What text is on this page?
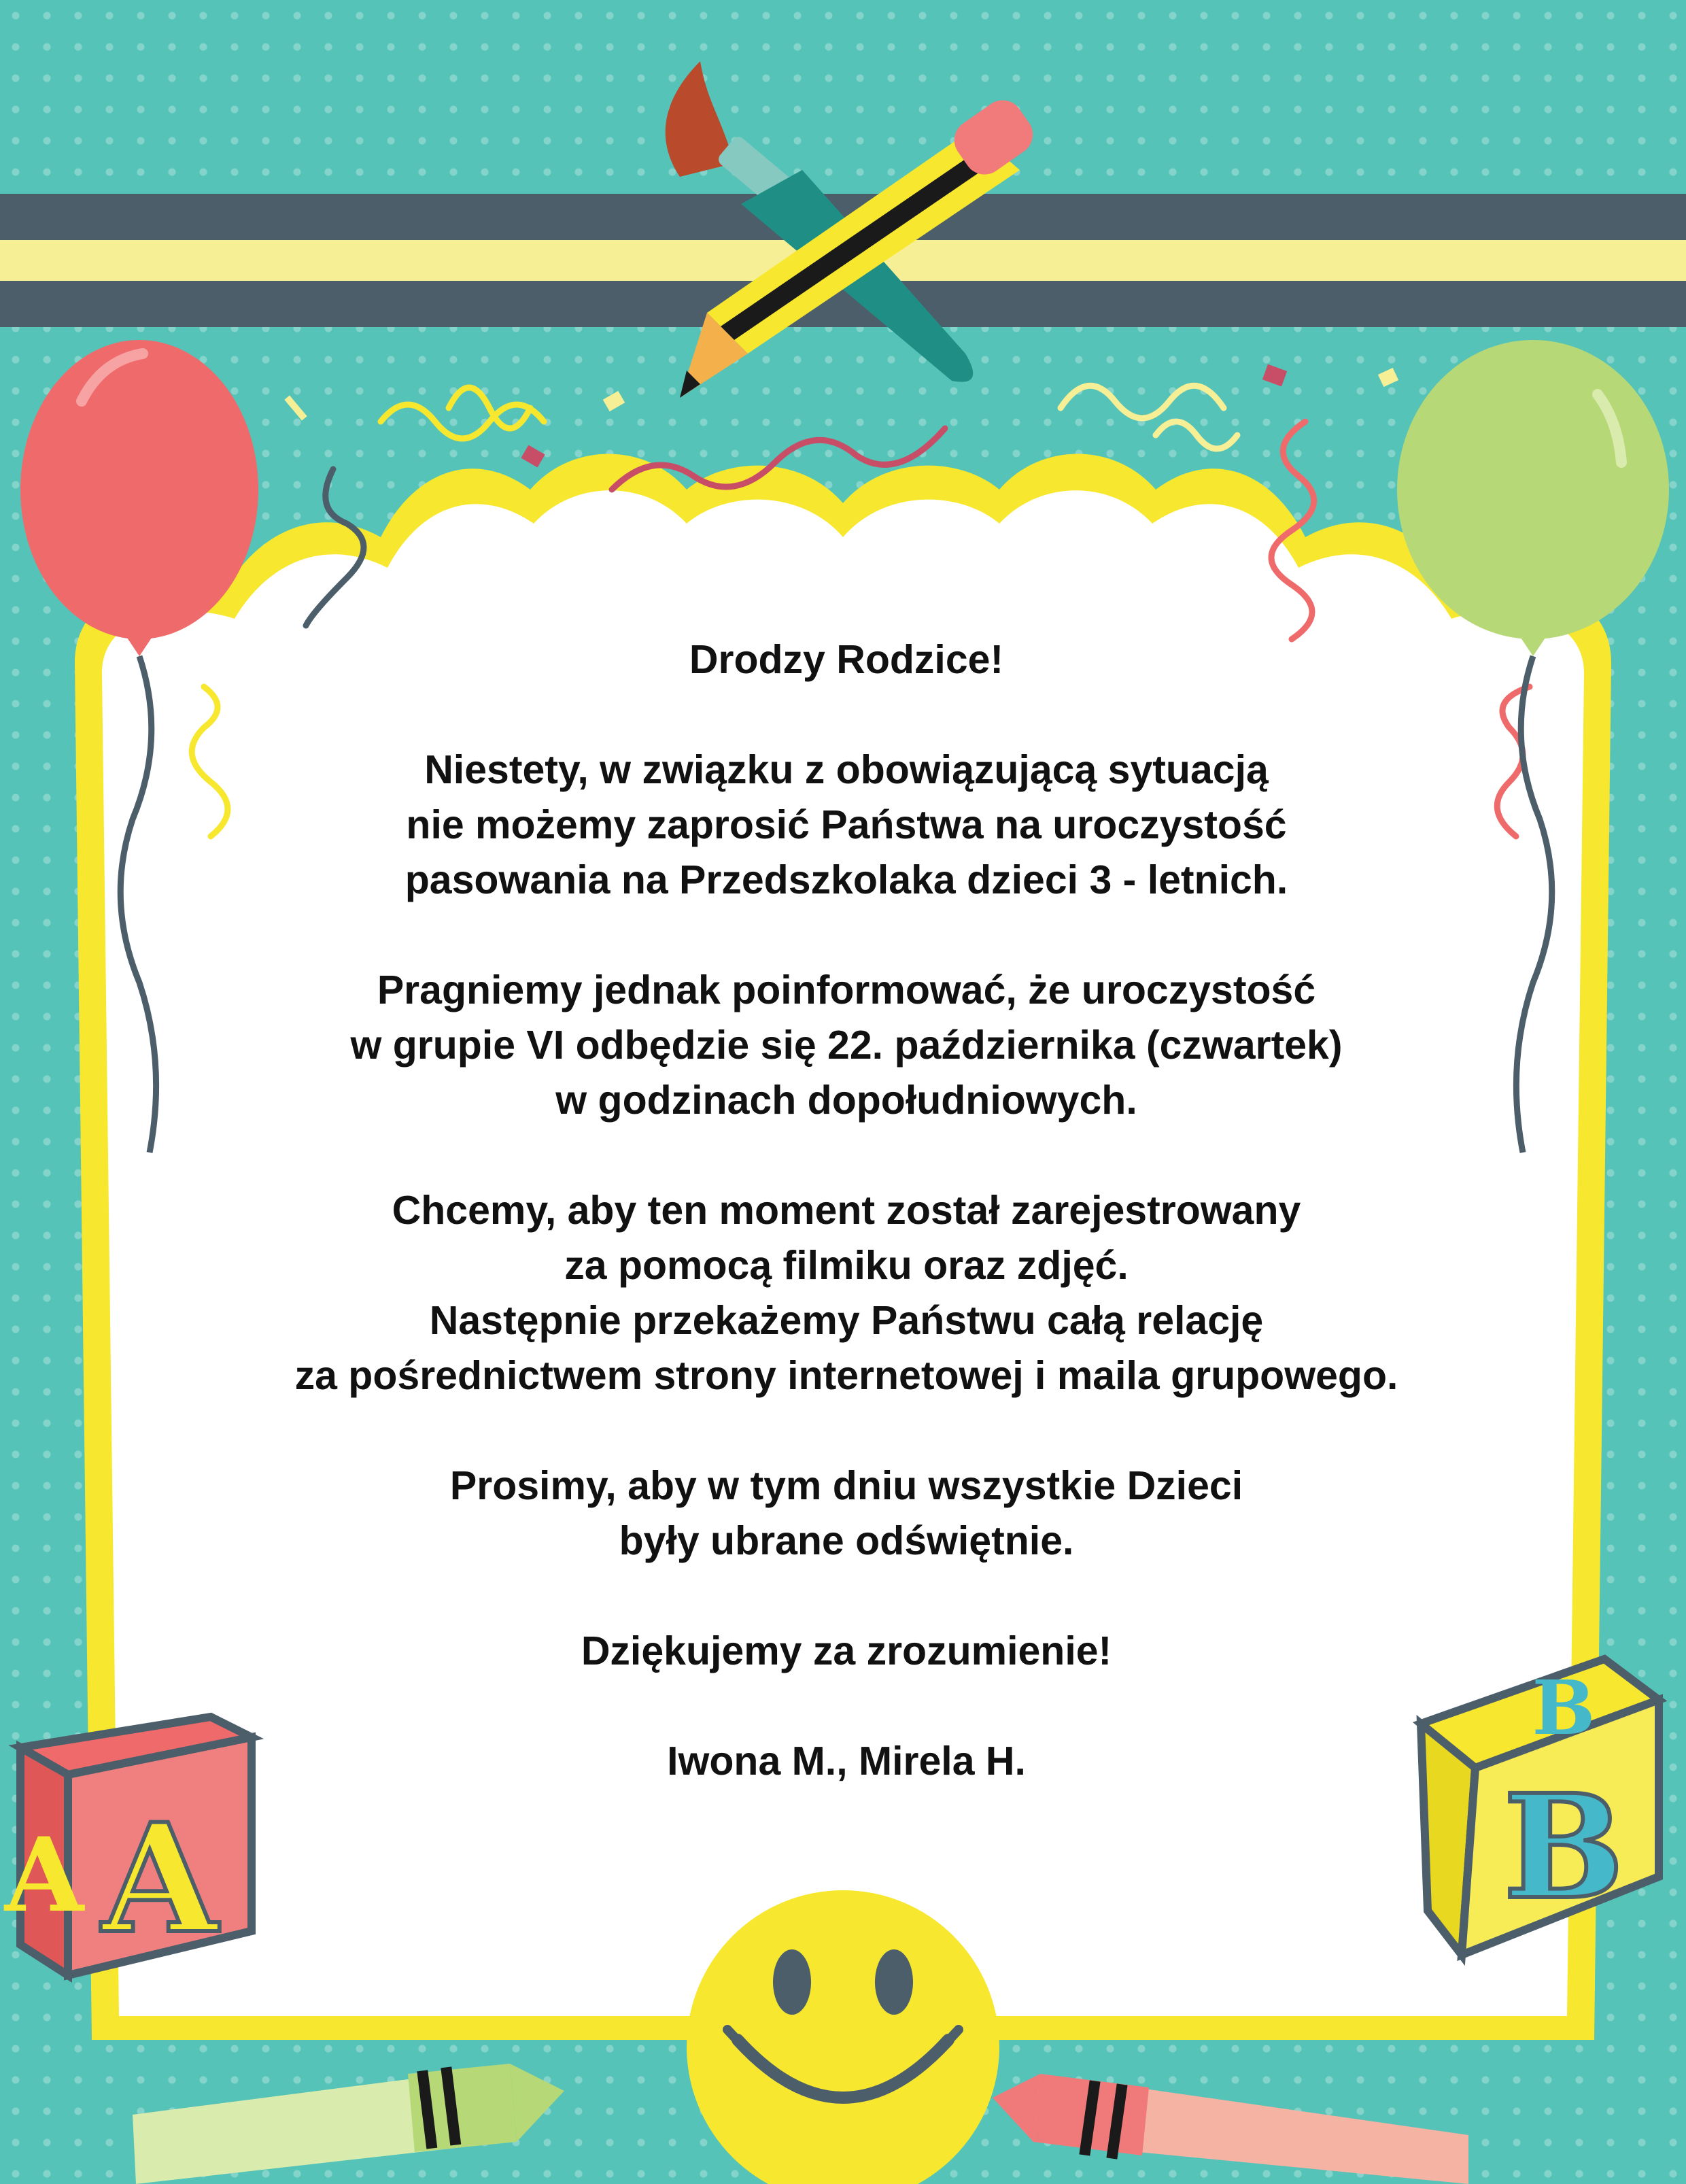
A
A	B
B

Drodzy Rodzice!

Niestety, w związku z obowiązującą sytuacją
nie możemy zaprosić Państwa na uroczystość
pasowania na Przedszkolaka dzieci 3 - letnich.

Pragniemy jednak poinformować, że uroczystość
w grupie VI odbędzie się 22. października (czwartek)
w godzinach dopołudniowych.

Chcemy, aby ten moment został zarejestrowany
za pomocą filmiku oraz zdjęć.
Następnie przekażemy Państwu całą relację
za pośrednictwem strony internetowej i maila grupowego.

Prosimy, aby w tym dniu wszystkie Dzieci
były ubrane odświętnie.

Dziękujemy za zrozumienie!

Iwona M., Mirela H.
